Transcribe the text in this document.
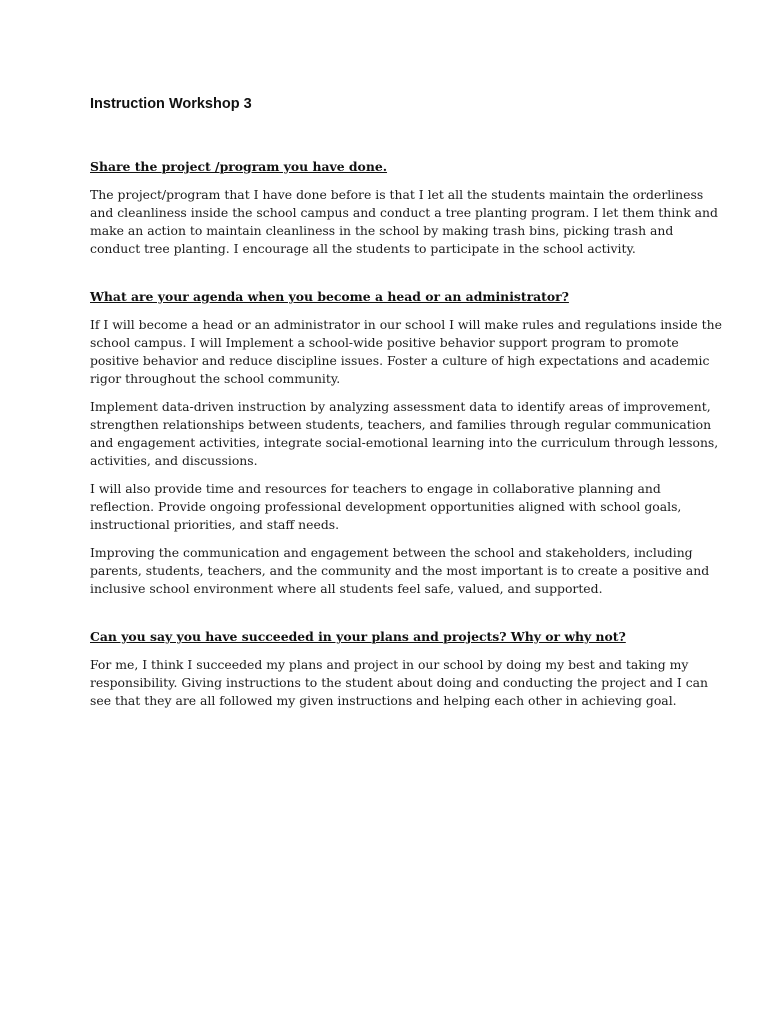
Instruction Workshop 3

Share the project /program you have done.

The project/program that I have done before is that I let all the students maintain the orderliness
and cleanliness inside the school campus and conduct a tree planting program. I let them think and
make an action to maintain cleanliness in the school by making trash bins, picking trash and
conduct tree planting. I encourage all the students to participate in the school activity.

What are your agenda when you become a head or an administrator?

If I will become a head or an administrator in our school I will make rules and regulations inside the
school campus. I will Implement a school-wide positive behavior support program to promote
positive behavior and reduce discipline issues. Foster a culture of high expectations and academic
rigor throughout the school community.

Implement data-driven instruction by analyzing assessment data to identify areas of improvement,
strengthen relationships between students, teachers, and families through regular communication
and engagement activities, integrate social-emotional learning into the curriculum through lessons,
activities, and discussions.

I will also provide time and resources for teachers to engage in collaborative planning and
reflection. Provide ongoing professional development opportunities aligned with school goals,
instructional priorities, and staff needs.

Improving the communication and engagement between the school and stakeholders, including
parents, students, teachers, and the community and the most important is to create a positive and
inclusive school environment where all students feel safe, valued, and supported.

Can you say you have succeeded in your plans and projects? Why or why not?

For me, I think I succeeded my plans and project in our school by doing my best and taking my
responsibility. Giving instructions to the student about doing and conducting the project and I can
see that they are all followed my given instructions and helping each other in achieving goal.
